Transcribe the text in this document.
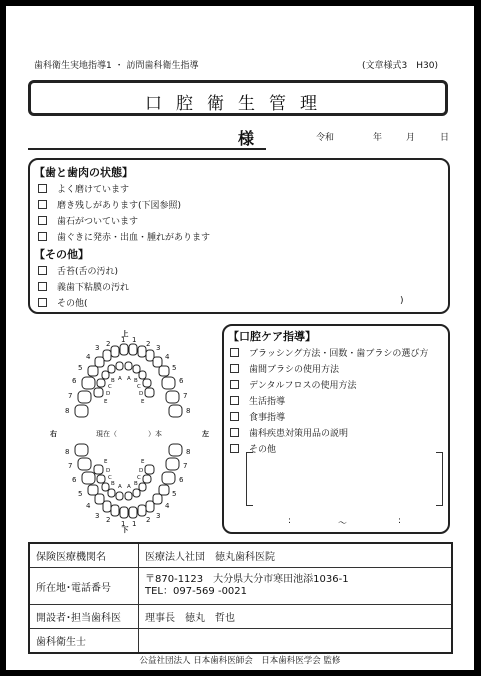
歯科衛生実地指導1 ・ 訪問歯科衛生指導	(文章様式3　H30)
口腔衛生管理
様	令和	年	月	日
【歯と歯肉の状態】
よく磨けています
磨き残しがあります(下図参照)
歯石がついています
歯ぐきに発赤・出血・腫れがあります
【その他】
舌苔(舌の汚れ)
義歯下粘膜の汚れ
その他(	)
上
下
右	左
現在（	）本
1
2
3
4
5
6
7
8
1 2 3
4
5
6
7
8
1
2
3
4
5
6
7
8
1 2 3
4
5
6
7
8
A A
B	B
C	C
D	D
E	E
A A
B	B
C	C
D	D
E	E
【口腔ケア指導】
ブラッシング方法・回数・歯ブラシの選び方
歯間ブラシの使用方法
デンタルフロスの使用方法
生活指導
食事指導
歯科疾患対策用品の説明
その他
:	～	:
保険医療機関名	医療法人社団　徳丸歯科医院
所在地･電話番号	〒870-1123　大分県大分市寒田池添1036-1
TEL：097‐569 ‐0021

開設者･担当歯科医	理事長　徳丸　哲也
歯科衛生士	
公益社団法人 日本歯科医師会　日本歯科医学会 監修
